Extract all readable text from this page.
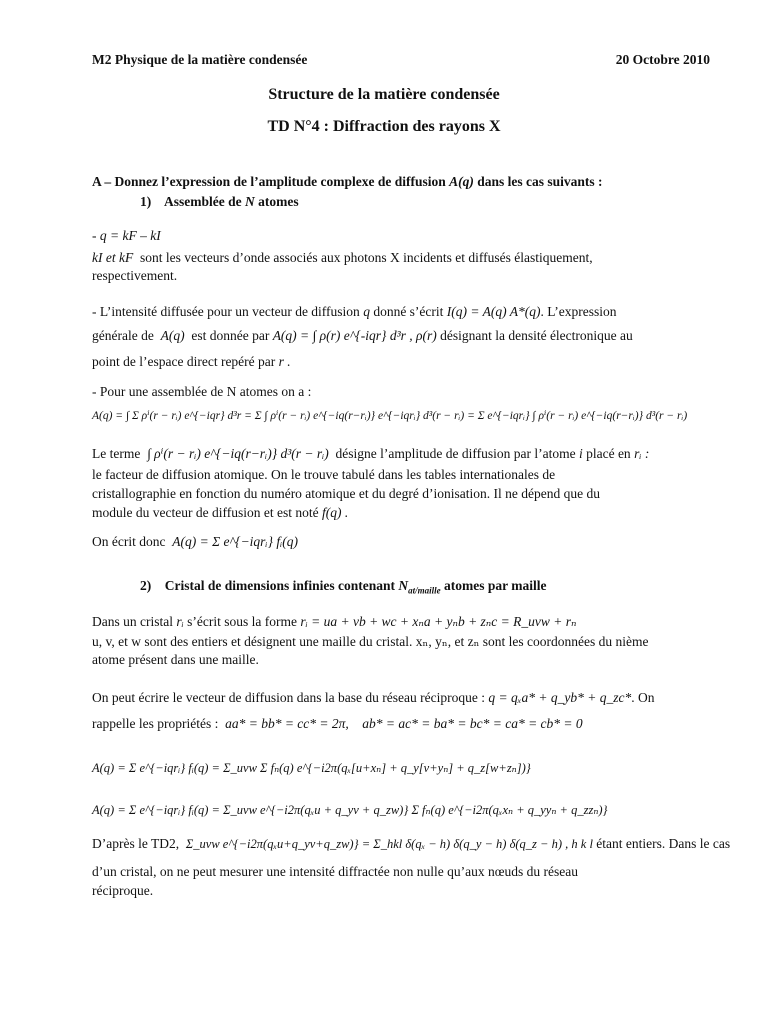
M2 Physique de la matière condensée	20 Octobre 2010
Structure de la matière condensée
TD N°4 : Diffraction des rayons X
A – Donnez l’expression de l’amplitude complexe de diffusion A(q) dans les cas suivants :
1) Assemblée de N atomes
- q = kF – kI
kI et kF sont les vecteurs d’onde associés aux photons X incidents et diffusés élastiquement,
respectivement.
- L’intensité diffusée pour un vecteur de diffusion q donné s’écrit I(q) = A(q) A*(q). L’expression
générale de A(q) est donnée par A(q) = ∫ ρ(r) e^{-iqr} d³r , ρ(r) désignant la densité électronique au
point de l’espace direct repéré par r .
- Pour une assemblée de N atomes on a :
A(q) = ∫ Σ ρⁱ(r − rᵢ) e^{−iqr} d³r = Σ ∫ ρⁱ(r − rᵢ) e^{−iq(r−rᵢ)} e^{−iqrᵢ} d³(r − rᵢ) = Σ e^{−iqrᵢ} ∫ ρⁱ(r − rᵢ) e^{−iq(r−rᵢ)} d³(r − rᵢ)
Le terme ∫ ρⁱ(r − rᵢ) e^{−iq(r−rᵢ)} d³(r − rᵢ) désigne l’amplitude de diffusion par l’atome i placé en rᵢ :
le facteur de diffusion atomique. On le trouve tabulé dans les tables internationales de
cristallographie en fonction du numéro atomique et du degré d’ionisation. Il ne dépend que du
module du vecteur de diffusion et est noté f(q) .
On écrit donc A(q) = Σ e^{−iqrᵢ} fᵢ(q)
2) Cristal de dimensions infinies contenant $N_{at/maille}$ atomes par maille
Dans un cristal rᵢ s’écrit sous la forme rᵢ = ua + vb + wc + xₙa + yₙb + zₙc = R_uvw + rₙ
u, v, et w sont des entiers et désignent une maille du cristal. xₙ, yₙ, et zₙ sont les coordonnées du nième
atome présent dans une maille.
On peut écrire le vecteur de diffusion dans la base du réseau réciproque : q = qₓa* + q_yb* + q_zc*. On
rappelle les propriétés : aa* = bb* = cc* = 2π, ab* = ac* = ba* = bc* = ca* = cb* = 0
A(q) = Σ e^{−iqrᵢ} fᵢ(q) = Σ_uvw Σ fₙ(q) e^{−i2π(qₓ[u+xₙ] + q_y[v+yₙ] + q_z[w+zₙ])}
A(q) = Σ e^{−iqrᵢ} fᵢ(q) = Σ_uvw e^{−i2π(qₓu + q_yv + q_zw)} Σ fₙ(q) e^{−i2π(qₓxₙ + q_yyₙ + q_zzₙ)}
D’après le TD2, Σ_uvw e^{−i2π(qₓu+q_yv+q_zw)} = Σ_hkl δ(qₓ − h) δ(q_y − h) δ(q_z − h) , h k l étant entiers. Dans le cas
d’un cristal, on ne peut mesurer une intensité diffractée non nulle qu’aux nœuds du réseau
réciproque.
